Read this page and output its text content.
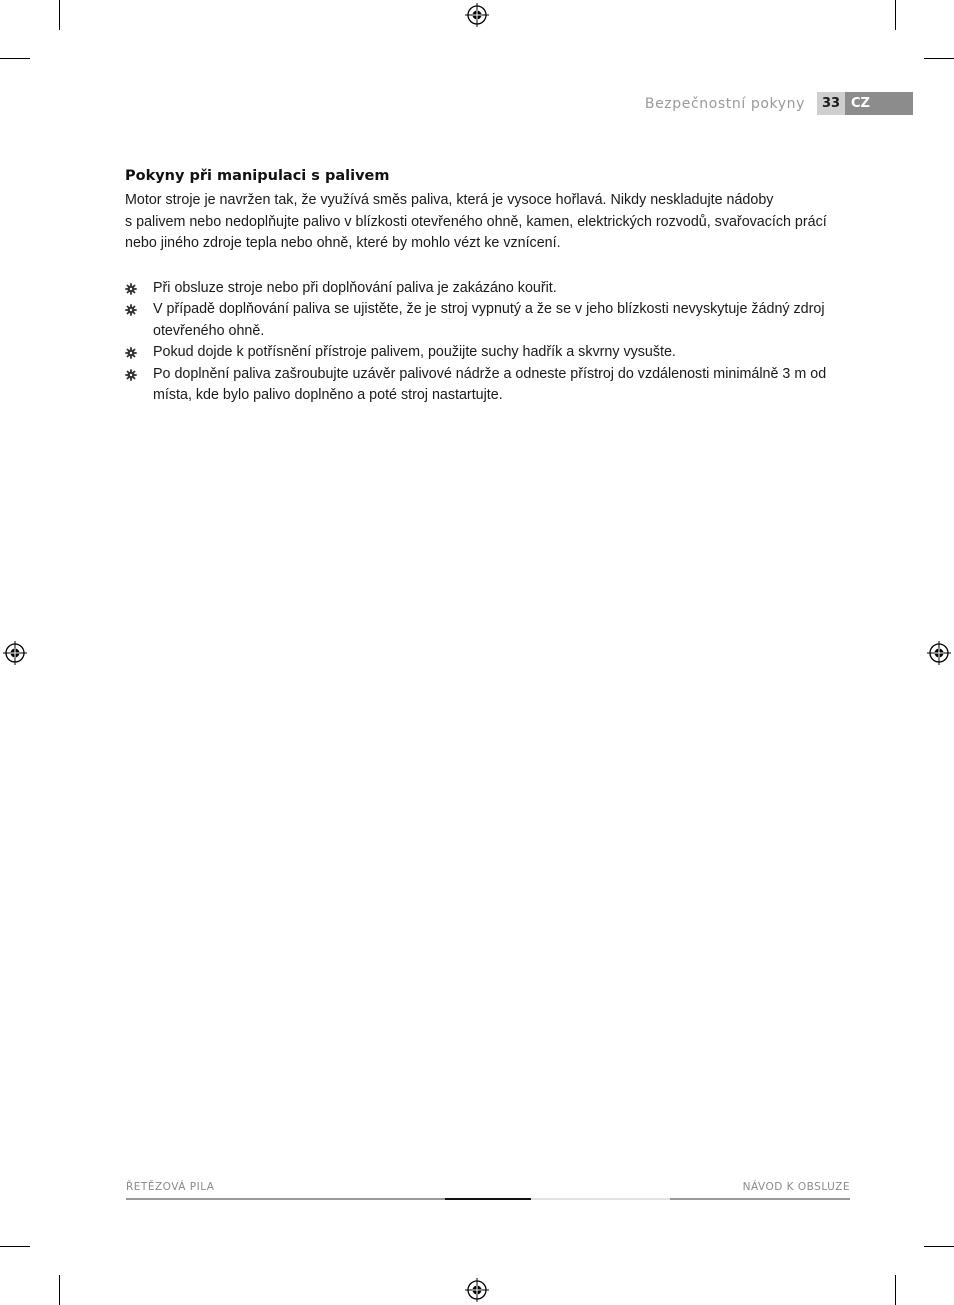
Bezpečnostní pokyny	33 CZ
Pokyny při manipulaci s palivem

Motor stroje je navržen tak, že využívá směs paliva, která je vysoce hořlavá. Nikdy neskladujte nádoby
s palivem nebo nedoplňujte palivo v blízkosti otevřeného ohně, kamen, elektrických rozvodů, svařovacích prácí
nebo jiného zdroje tepla nebo ohně, které by mohlo vézt ke vznícení.

Při obsluze stroje nebo při doplňování paliva je zakázáno kouřit.
V případě doplňování paliva se ujistěte, že je stroj vypnutý a že se v jeho blízkosti nevyskytuje žádný zdroj otevřeného ohně.
Pokud dojde k potřísnění přístroje palivem, použijte suchy hadřík a skvrny vysušte.
Po doplnění paliva zašroubujte uzávěr palivové nádrže a odneste přístroj do vzdálenosti minimálně 3 m od místa, kde bylo palivo doplněno a poté stroj nastartujte.
ŘETĚZOVÁ PILA	NÁVOD K OBSLUZE
